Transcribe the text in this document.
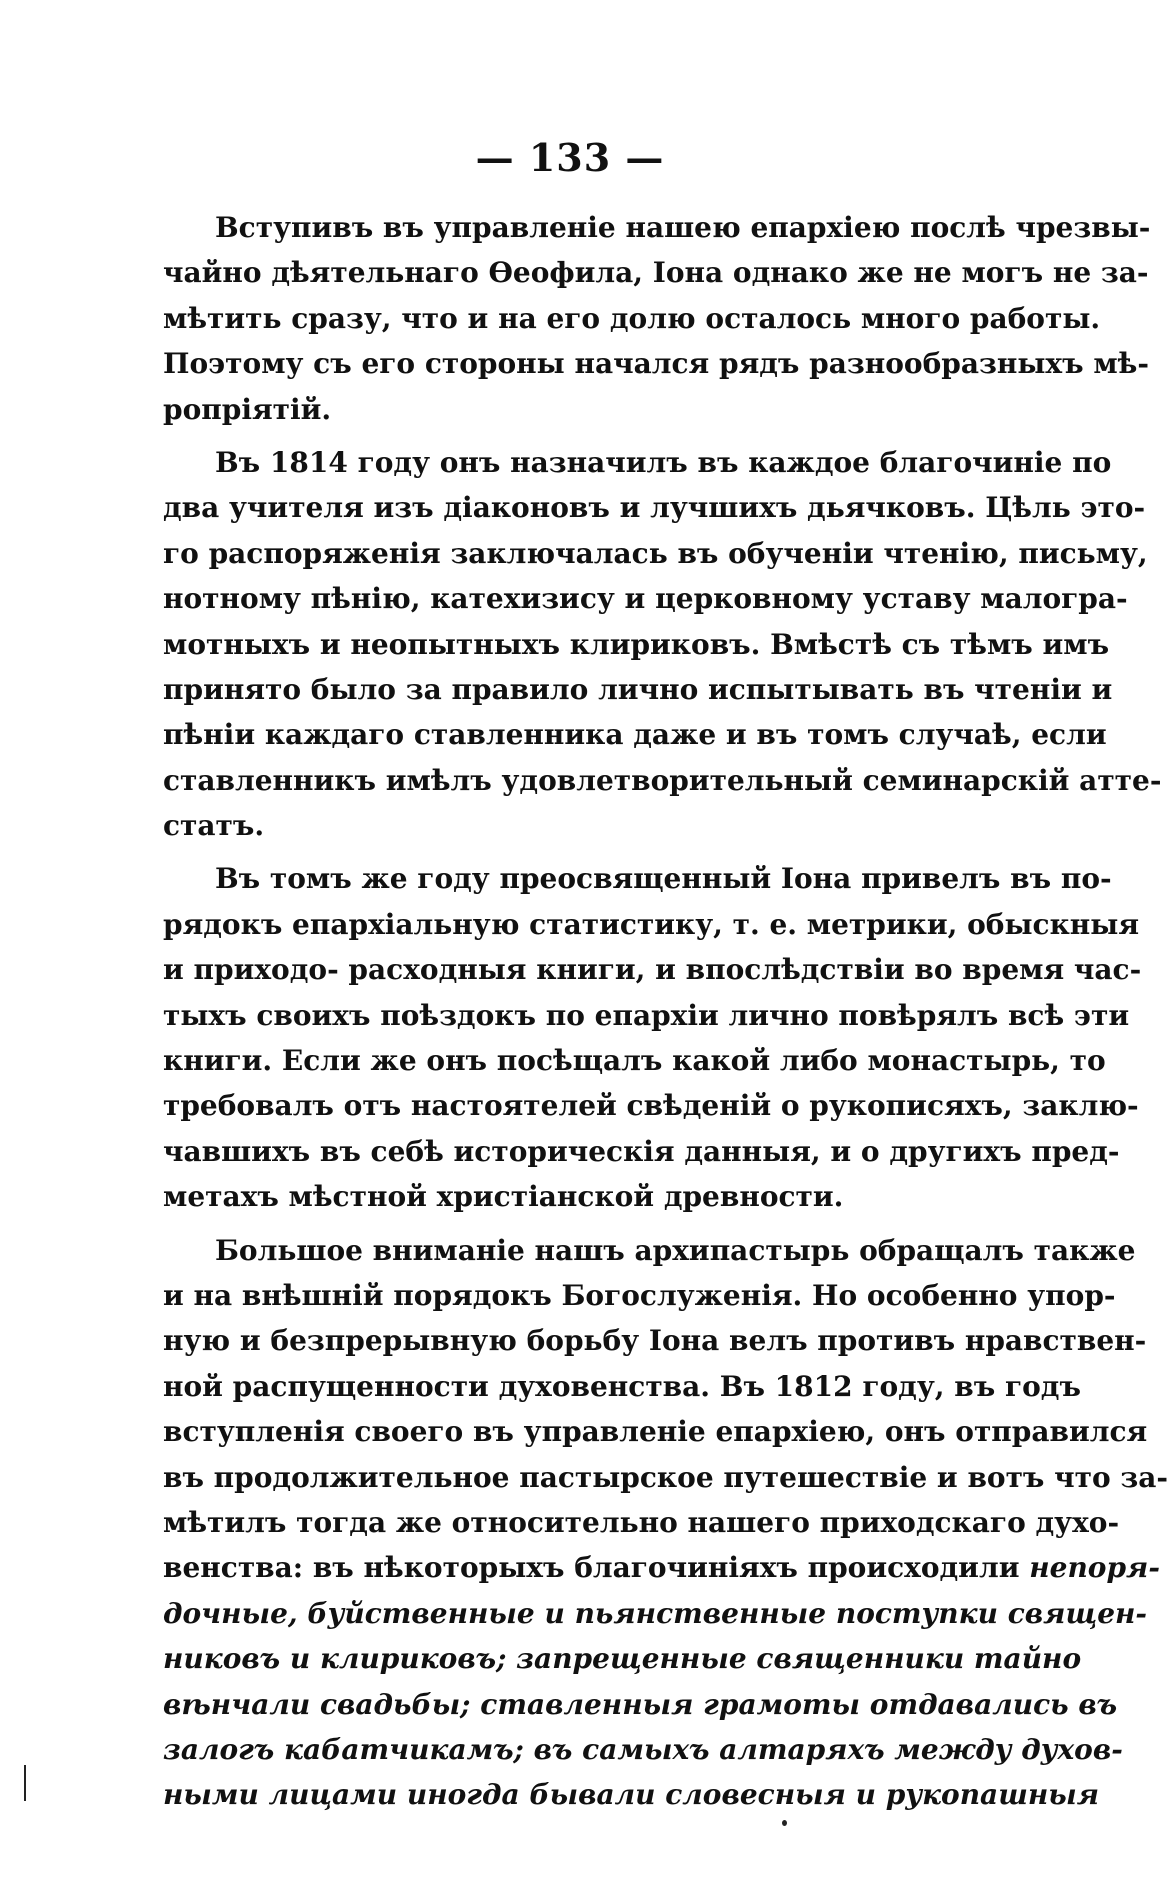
— 133 —
Вступивъ въ управленіе нашею епархіею послѣ чрезвы-
чайно дѣятельнаго Ѳеофила, Іона однако же не могъ не за-
мѣтить сразу, что и на его долю осталось много работы.
Поэтому съ его стороны начался рядъ разнообразныхъ мѣ-
ропріятій.
Въ 1814 году онъ назначилъ въ каждое благочиніе по
два учителя изъ діаконовъ и лучшихъ дьячковъ. Цѣль это-
го распоряженія заключалась въ обученіи чтенію, письму,
нотному пѣнію, катехизису и церковному уставу малогра-
мотныхъ и неопытныхъ клириковъ. Вмѣстѣ съ тѣмъ имъ
принято было за правило лично испытывать въ чтеніи и
пѣніи каждаго ставленника даже и въ томъ случаѣ, если
ставленникъ имѣлъ удовлетворительный семинарскій атте-
статъ.
Въ томъ же году преосвященный Іона привелъ въ по-
рядокъ епархіальную статистику, т. е. метрики, обыскныя
и приходо- расходныя книги, и впослѣдствіи во время час-
тыхъ своихъ поѣздокъ по епархіи лично повѣрялъ всѣ эти
книги. Если же онъ посѣщалъ какой либо монастырь, то
требовалъ отъ настоятелей свѣденій о рукописяхъ, заклю-
чавшихъ въ себѣ историческія данныя, и о другихъ пред-
метахъ мѣстной христіанской древности.
Большое вниманіе нашъ архипастырь обращалъ также
и на внѣшній порядокъ Богослуженія. Но особенно упор-
ную и безпрерывную борьбу Іона велъ противъ нравствен-
ной распущенности духовенства. Въ 1812 году, въ годъ
вступленія своего въ управленіе епархіею, онъ отправился
въ продолжительное пастырское путешествіе и вотъ что за-
мѣтилъ тогда же относительно нашего приходскаго духо-
венства: въ нѣкоторыхъ благочиніяхъ происходили непоря-
дочные, буйственные и пьянственные поступки священ-
никовъ и клириковъ; запрещенные священники тайно
вѣнчали свадьбы; ставленныя грамоты отдавались въ
залогъ кабатчикамъ; въ самыхъ алтаряхъ между духов-
ными лицами иногда бывали словесныя и рукопашныя
